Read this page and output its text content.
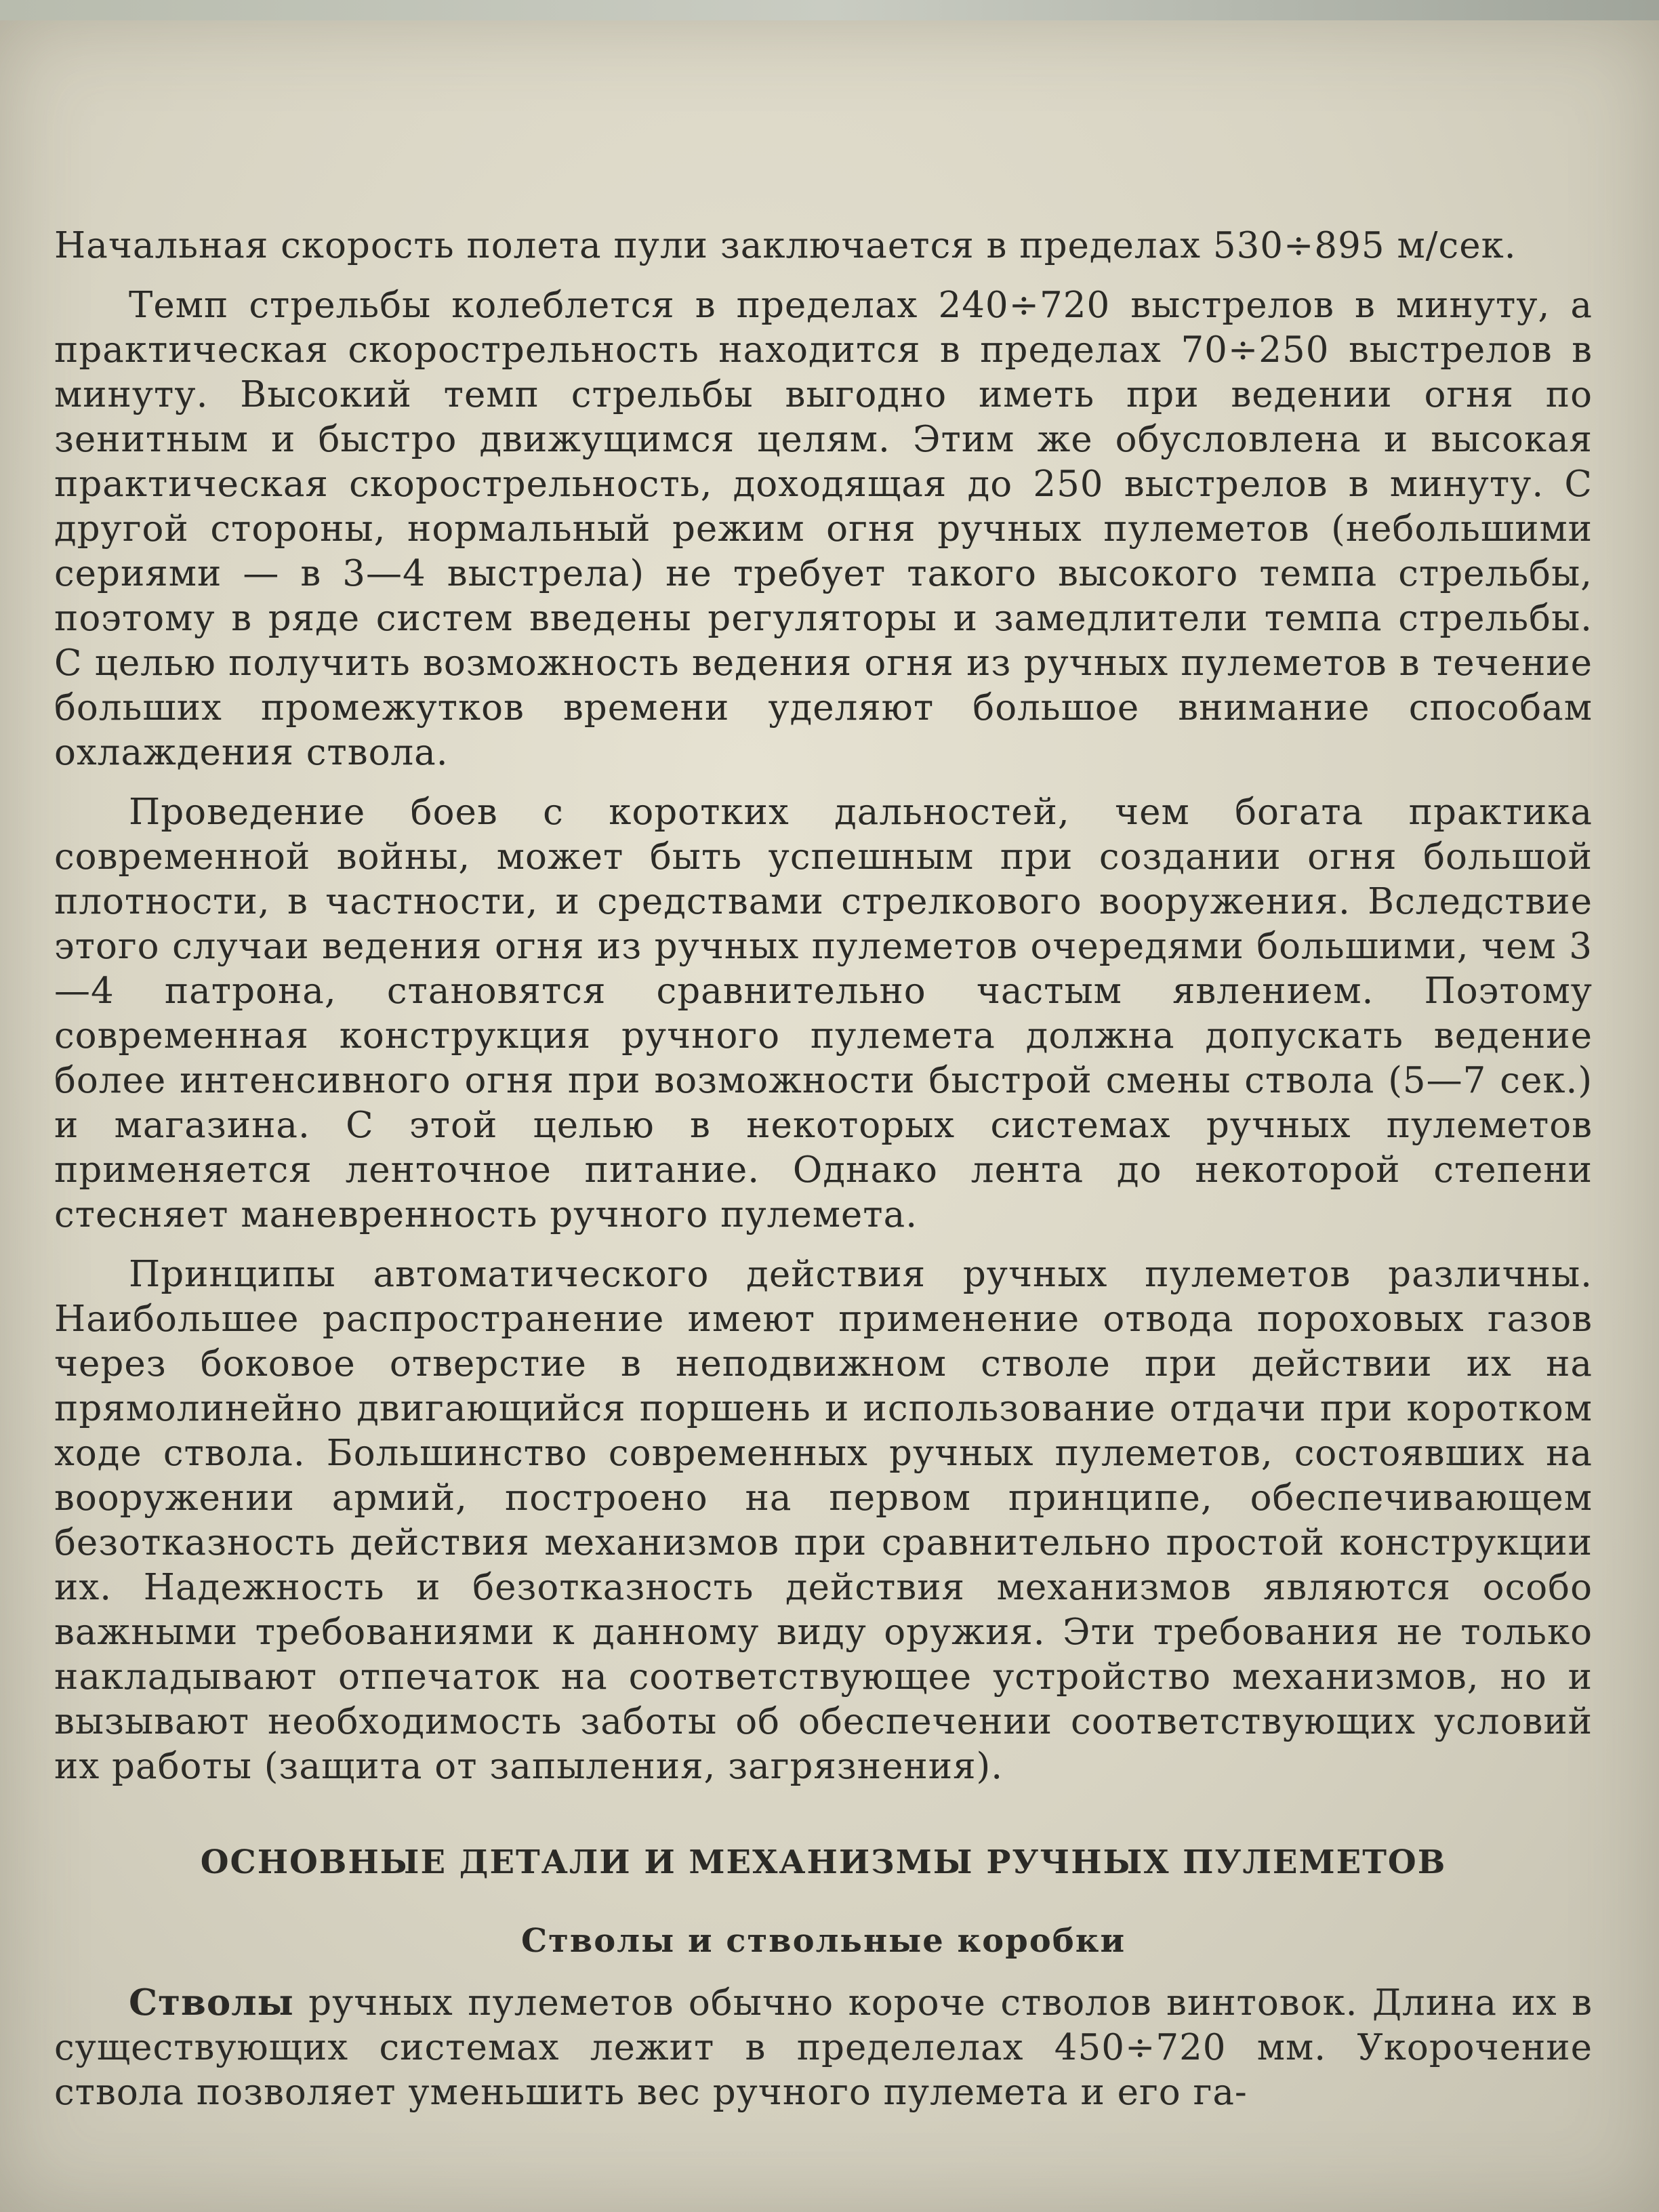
Начальная скорость полета пули заключается в пределах 530÷895 м/сек.

Темп стрельбы колеблется в пределах 240÷720 выстрелов в минуту, а практическая скорострельность находится в пределах 70÷250 выстрелов в минуту. Высокий темп стрельбы выгодно иметь при ведении огня по зенитным и быстро движущимся целям. Этим же обусловлена и высокая практическая скорострельность, доходящая до 250 выстрелов в минуту. С другой стороны, нормальный режим огня ручных пулеметов (небольшими сериями — в 3—4 выстрела) не требует такого высокого темпа стрельбы, поэтому в ряде систем введены регуляторы и замедлители темпа стрельбы. С целью получить возможность ведения огня из ручных пулеметов в течение больших промежутков времени уделяют большое внимание способам охлаждения ствола.

Проведение боев с коротких дальностей, чем богата практика современной войны, может быть успешным при создании огня большой плотности, в частности, и средствами стрелкового вооружения. Вследствие этого случаи ведения огня из ручных пулеметов очередями большими, чем 3—4 патрона, становятся сравнительно частым явлением. Поэтому современная конструкция ручного пулемета должна допускать ведение более интенсивного огня при возможности быстрой смены ствола (5—7 сек.) и магазина. С этой целью в некоторых системах ручных пулеметов применяется ленточное питание. Однако лента до некоторой степени стесняет маневренность ручного пулемета.

Принципы автоматического действия ручных пулеметов различны. Наибольшее распространение имеют применение отвода пороховых газов через боковое отверстие в неподвижном стволе при действии их на прямолинейно двигающийся поршень и использование отдачи при коротком ходе ствола. Большинство современных ручных пулеметов, состоявших на вооружении армий, построено на первом принципе, обеспечивающем безотказность действия механизмов при сравнительно простой конструкции их. Надежность и безотказность действия механизмов являются особо важными требованиями к данному виду оружия. Эти требования не только накладывают отпечаток на соответствующее устройство механизмов, но и вызывают необходимость заботы об обеспечении соответствующих условий их работы (защита от запыления, загрязнения).

ОСНОВНЫЕ ДЕТАЛИ И МЕХАНИЗМЫ РУЧНЫХ ПУЛЕМЕТОВ
Стволы и ствольные коробки

Стволы ручных пулеметов обычно короче стволов винтовок. Длина их в существующих системах лежит в пределелах 450÷720 мм. Укорочение ствола позволяет уменьшить вес ручного пулемета и его га-
